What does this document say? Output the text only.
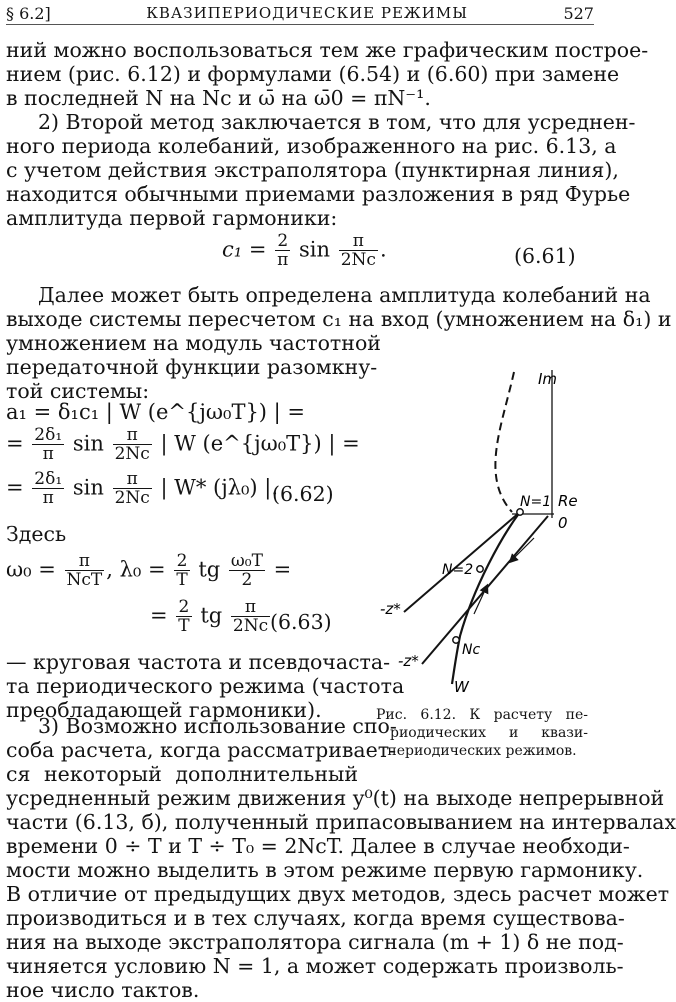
§ 6.2]	КВАЗИПЕРИОДИЧЕСКИЕ РЕЖИМЫ	527
ний можно воспользоваться тем же графическим построе-
нием (рис. 6.12) и формулами (6.54) и (6.60) при замене
в последней N на Nc и ω̄ на ω̄0 = πN⁻¹.
2) Второй метод заключается в том, что для усреднен-
ного периода колебаний, изображенного на рис. 6.13, а
с учетом действия экстраполятора (пунктирная линия),
находится обычными приемами разложения в ряд Фурье
амплитуда первой гармоники:
$c_1 = \frac{2}{\pi}$ $\sin \frac{\pi}{2Nc}$ .	(6.61)
Далее может быть определена амплитуда колебаний на
выходе системы пересчетом c₁ на вход (умножением на δ₁) и
умножением на модуль частотной
передаточной функции разомкну-
той системы:
a₁ = δ₁c₁ | W (e^{jω₀T}) | =
= $\frac{\text{2δ₁}}{\pi}$ $\sin \frac{\pi}{2Nc}$ | W (e^{jω₀T}) | =
= $\frac{\text{2δ₁}}{\pi}$ $\sin \frac{\pi}{2Nc}$ | W* (jλ₀) |.
(6.62)
Здесь
$\omega_0 = \frac{\pi}{\text{NcT}}$ , $\lambda_0 = \frac{2}{T}$ tg $\frac{\text{ω₀T}}{2}$ =
= $\frac{2}{T}$ tg $\frac{\pi}{2Nc} (6.63)$
— круговая частота и псевдочаста-
та периодического режима (частота
преобладающей гармоники).
3) Возможно использование спо-
соба расчета, когда рассматривает-
ся некоторый дополнительный
усредненный режим движения y⁰(t) на выходе непрерывной
части (6.13, б), полученный припасовыванием на интервалах
времени 0 ÷ T и T ÷ T₀ = 2NcT. Далее в случае необходи-
мости можно выделить в этом режиме первую гармонику.
В отличие от предыдущих двух методов, здесь расчет может
производиться и в тех случаях, когда время существова-
ния на выходе экстраполятора сигнала (m + 1) δ не под-
чиняется условию N = 1, а может содержать произволь-
ное число тактов.
Im
Re
0
N=1
N=2
Nc
-z*
-z*
W
Рис. 6.12. К расчету пе-
риодических и квази-
периодических режимов.
